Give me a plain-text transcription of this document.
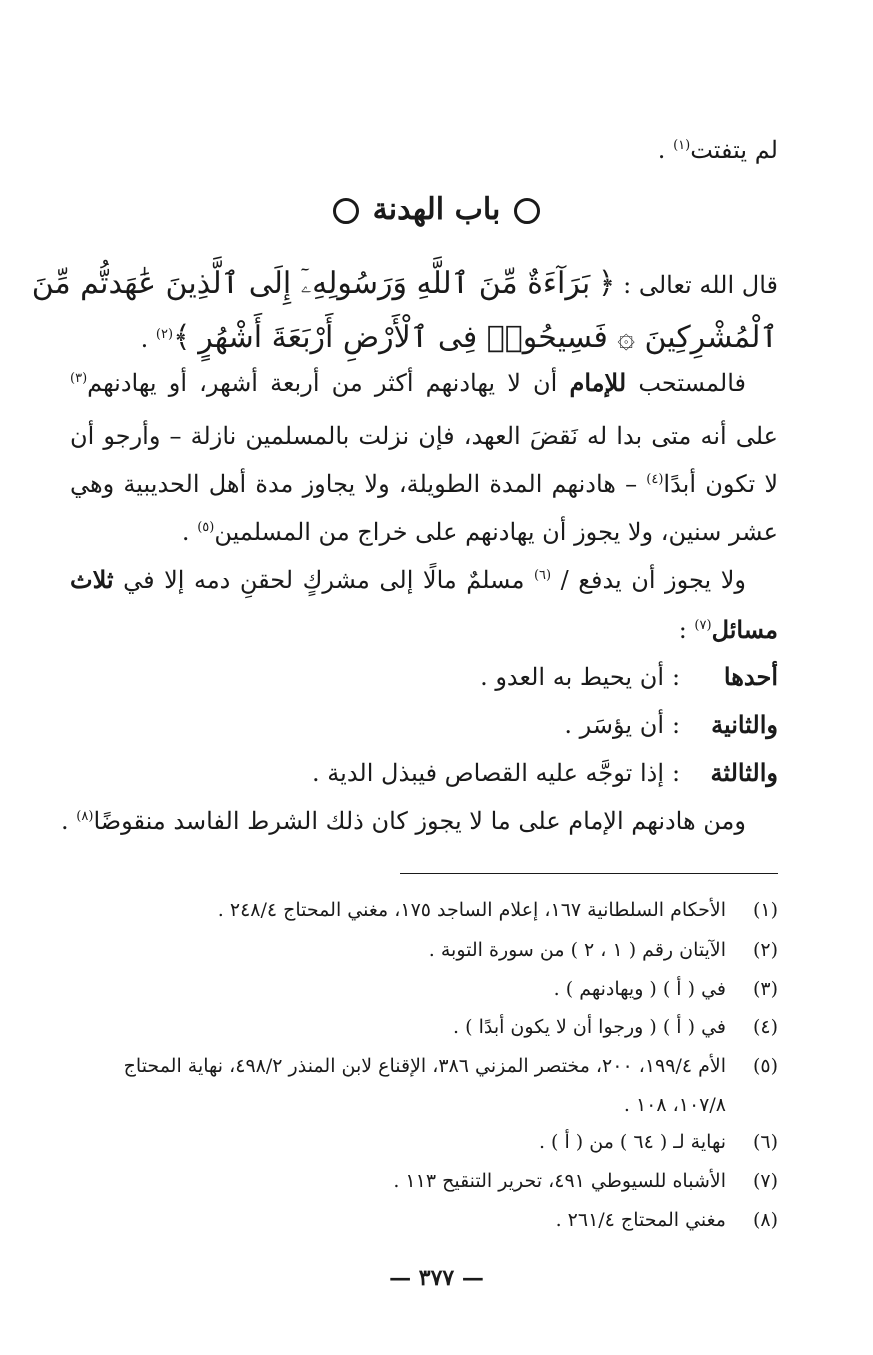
لم يتفتت$^{(١)}$ .
باب الهدنة
قال الله تعالى : ﴿ بَرَآءَةٌ مِّنَ ٱللَّهِ وَرَسُولِهِۦٓ إِلَى ٱلَّذِينَ عَٰهَدتُّم مِّنَ
ٱلْمُشْرِكِينَ ۞ فَسِيحُوا۟ فِى ٱلْأَرْضِ أَرْبَعَةَ أَشْهُرٍ ﴾$^{(٢)}$ .
فالمستحب للإمام أن لا يهادنهم أكثر من أربعة أشهر، أو يهادنهم$^{(٣)}$
على أنه متى بدا له نَقضَ العهد، فإن نزلت بالمسلمين نازلة – وأرجو أن
لا تكون أبدًا$^{(٤)}$ – هادنهم المدة الطويلة، ولا يجاوز مدة أهل الحديبية وهي
عشر سنين، ولا يجوز أن يهادنهم على خراج من المسلمين$^{(٥)}$ .
ولا يجوز أن يدفع / $^{(٦)}$ مسلمٌ مالًا إلى مشركٍ لحقنِ دمه إلا في ثلاث
مسائل$^{(٧)}$ :
أحدها:أن يحيط به العدو .
والثانية:أن يؤسَر .
والثالثة:إذا توجَّه عليه القصاص فيبذل الدية .
ومن هادنهم الإمام على ما لا يجوز كان ذلك الشرط الفاسد منقوضًا$^{(٨)}$ .
(١)الأحكام السلطانية ١٦٧، إعلام الساجد ١٧٥، مغني المحتاج ٢٤٨/٤ .
(٢)الآيتان رقم ( ١ ، ٢ ) من سورة التوبة .
(٣)في ( أ ) ( ويهادنهم ) .
(٤)في ( أ ) ( ورجوا أن لا يكون أبدًا ) .
(٥)الأم ١٩٩/٤، ٢٠٠، مختصر المزني ٣٨٦، الإقناع لابن المنذر ٤٩٨/٢، نهاية المحتاج
١٠٧/٨، ١٠٨ .
(٦)نهاية لـ ( ٦٤ ) من ( أ ) .
(٧)الأشباه للسيوطي ٤٩١، تحرير التنقيح ١١٣ .
(٨)مغني المحتاج ٢٦١/٤ .
— ٣٧٧ —
